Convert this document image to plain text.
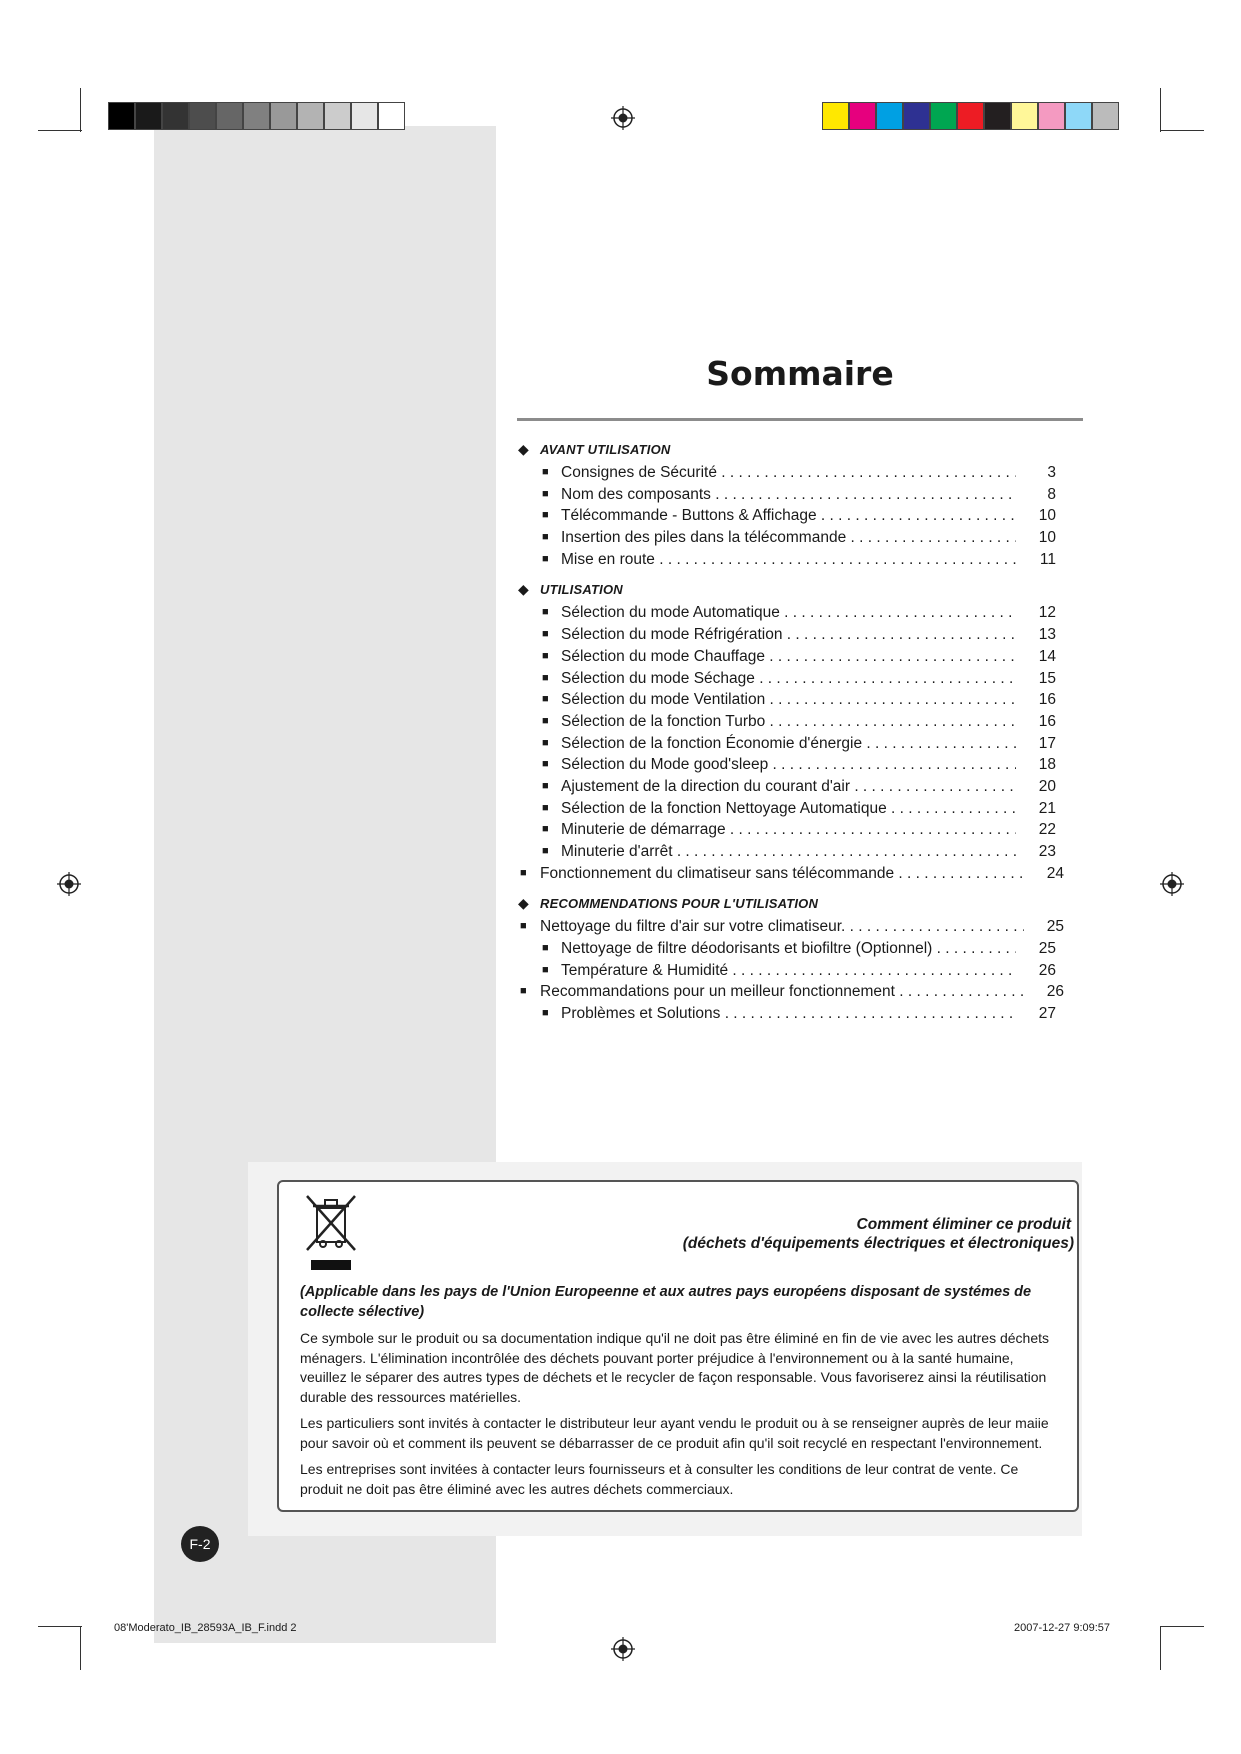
Sommaire
◆ AVANT UTILISATION
■ Consignes de Sécurité . . .	3
■ Nom des composants . . .	8
■ Télécommande - Buttons & Affichage . . .	10
■ Insertion des piles dans la télécommande . . .	10
■ Mise en route . . .	11
◆ UTILISATION
■ Sélection du mode Automatique . . .	12
■ Sélection du mode Réfrigération . . .	13
■ Sélection du mode Chauffage . . .	14
■ Sélection du mode Séchage . . .	15
■ Sélection du mode Ventilation . . .	16
■ Sélection de la fonction Turbo . . .	16
■ Sélection de la fonction Économie d'énergie . . .	17
■ Sélection du Mode good'sleep . . .	18
■ Ajustement de la direction du courant d'air . . .	20
■ Sélection de la fonction Nettoyage Automatique . . .	21
■ Minuterie de démarrage . . .	22
■ Minuterie d'arrêt . . .	23
■ Fonctionnement du climatiseur sans télécommande . . .	24
◆ RECOMMENDATIONS POUR L'UTILISATION
■ Nettoyage du filtre d'air sur votre climatiseur. . . .	25
■ Nettoyage de filtre déodorisants et biofiltre (Optionnel) . . .	25
■ Température & Humidité . . .	26
■ Recommandations pour un meilleur fonctionnement . . .	26
■ Problèmes et Solutions . . .	27
Comment éliminer ce produit
(déchets d'équipements électriques et électroniques)

(Applicable dans les pays de l'Union Europeenne et aux autres pays européens disposant de systémes de collecte sélective)

Ce symbole sur le produit ou sa documentation indique qu'il ne doit pas être éliminé en fin de vie avec les autres déchets ménagers. L'élimination incontrôlée des déchets pouvant porter préjudice à l'environnement ou à la santé humaine, veuillez le séparer des autres types de déchets et le recycler de façon responsable. Vous favoriserez ainsi la réutilisation durable des ressources matérielles.

Les particuliers sont invités à contacter le distributeur leur ayant vendu le produit ou à se renseigner auprès de leur maiie pour savoir où et comment ils peuvent se débarrasser de ce produit afin qu'il soit recyclé en respectant l'environnement.

Les entreprises sont invitées à contacter leurs fournisseurs et à consulter les conditions de leur contrat de vente. Ce produit ne doit pas être éliminé avec les autres déchets commerciaux.

F-2
08'Moderato_IB_28593A_IB_F.indd 2	2007-12-27 9:09:57
